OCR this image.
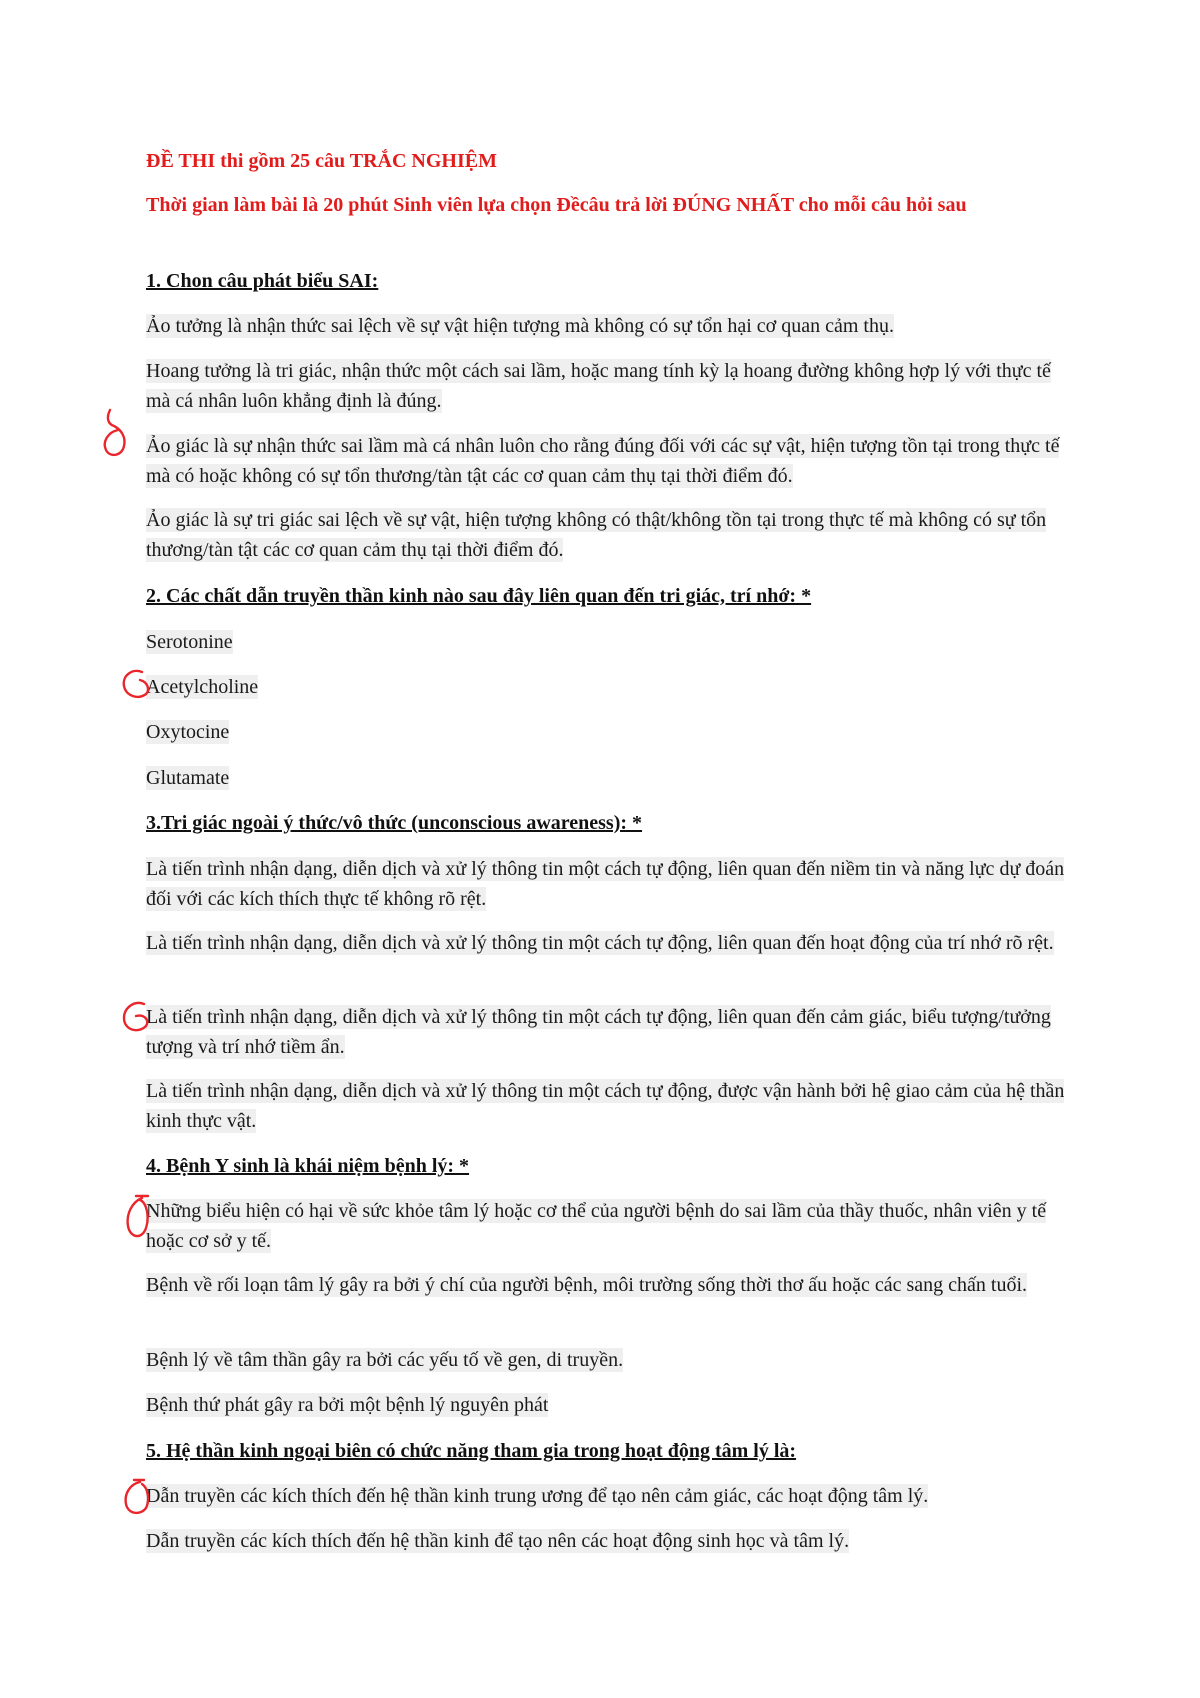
ĐỀ THI thi gồm 25 câu TRẮC NGHIỆM

Thời gian làm bài là 20 phút Sinh viên lựa chọn Đềcâu trả lời ĐÚNG NHẤT cho mỗi câu hỏi sau

1. Chon câu phát biểu SAI:

Ảo tưởng là nhận thức sai lệch về sự vật hiện tượng mà không có sự tổn hại cơ quan cảm thụ.

Hoang tưởng là tri giác, nhận thức một cách sai lầm, hoặc mang tính kỳ lạ hoang đường không hợp lý với thực tế mà cá nhân luôn khẳng định là đúng.

Ảo giác là sự nhận thức sai lầm mà cá nhân luôn cho rằng đúng đối với các sự vật, hiện tượng tồn tại trong thực tế mà có hoặc không có sự tổn thương/tàn tật các cơ quan cảm thụ tại thời điểm đó.

Ảo giác là sự tri giác sai lệch về sự vật, hiện tượng không có thật/không tồn tại trong thực tế mà không có sự tổn thương/tàn tật các cơ quan cảm thụ tại thời điểm đó.

2. Các chất dẫn truyền thần kinh nào sau đây liên quan đến tri giác, trí nhớ: *

Serotonine

Acetylcholine

Oxytocine

Glutamate

3.Tri giác ngoài ý thức/vô thức (unconscious awareness): *

Là tiến trình nhận dạng, diễn dịch và xử lý thông tin một cách tự động, liên quan đến niềm tin và năng lực dự đoán đối với các kích thích thực tế không rõ rệt.

Là tiến trình nhận dạng, diễn dịch và xử lý thông tin một cách tự động, liên quan đến hoạt động của trí nhớ rõ rệt.

Là tiến trình nhận dạng, diễn dịch và xử lý thông tin một cách tự động, liên quan đến cảm giác, biểu tượng/tưởng tượng và trí nhớ tiềm ẩn.

Là tiến trình nhận dạng, diễn dịch và xử lý thông tin một cách tự động, được vận hành bởi hệ giao cảm của hệ thần kinh thực vật.

4. Bệnh Y sinh là khái niệm bệnh lý: *

Những biểu hiện có hại về sức khỏe tâm lý hoặc cơ thể của người bệnh do sai lầm của thầy thuốc, nhân viên y tế hoặc cơ sở y tế.

Bệnh về rối loạn tâm lý gây ra bởi ý chí của người bệnh, môi trường sống thời thơ ấu hoặc các sang chấn tuổi.

Bệnh lý về tâm thần gây ra bởi các yếu tố về gen, di truyền.

Bệnh thứ phát gây ra bởi một bệnh lý nguyên phát

5. Hệ thần kinh ngoại biên có chức năng tham gia trong hoạt động tâm lý là:

Dẫn truyền các kích thích đến hệ thần kinh trung ương để tạo nên cảm giác, các hoạt động tâm lý.

Dẫn truyền các kích thích đến hệ thần kinh để tạo nên các hoạt động sinh học và tâm lý.
